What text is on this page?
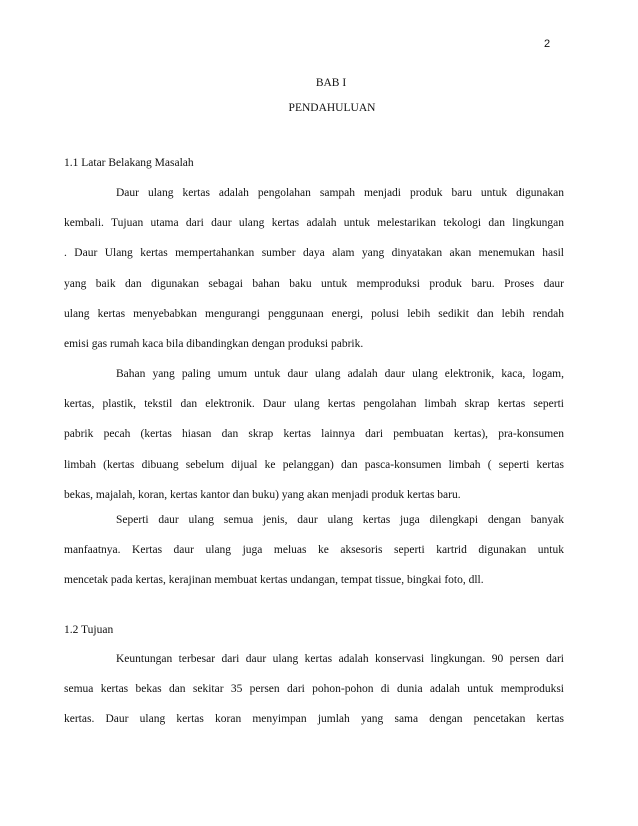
2
BAB I
PENDAHULUAN
1.1 Latar Belakang Masalah
Daur ulang kertas adalah pengolahan sampah menjadi produk baru untuk digunakan
kembali. Tujuan utama dari daur ulang kertas adalah untuk melestarikan tekologi dan lingkungan
. Daur Ulang kertas mempertahankan sumber daya alam yang dinyatakan akan menemukan hasil
yang baik dan digunakan sebagai bahan baku untuk memproduksi produk baru. Proses daur
ulang kertas menyebabkan mengurangi penggunaan energi, polusi lebih sedikit dan lebih rendah
emisi gas rumah kaca bila dibandingkan dengan produksi pabrik.
Bahan yang paling umum untuk daur ulang adalah daur ulang elektronik, kaca, logam,
kertas, plastik, tekstil dan elektronik. Daur ulang kertas pengolahan limbah skrap kertas seperti
pabrik pecah (kertas hiasan dan skrap kertas lainnya dari pembuatan kertas), pra-konsumen
limbah (kertas dibuang sebelum dijual ke pelanggan) dan pasca-konsumen limbah ( seperti kertas
bekas, majalah, koran, kertas kantor dan buku) yang akan menjadi produk kertas baru.
Seperti daur ulang semua jenis, daur ulang kertas juga dilengkapi dengan banyak
manfaatnya. Kertas daur ulang juga meluas ke aksesoris seperti kartrid digunakan untuk
mencetak pada kertas, kerajinan membuat kertas undangan, tempat tissue, bingkai foto, dll.
1.2 Tujuan
Keuntungan terbesar dari daur ulang kertas adalah konservasi lingkungan. 90 persen dari
semua kertas bekas dan sekitar 35 persen dari pohon-pohon di dunia adalah untuk memproduksi
kertas. Daur ulang kertas koran menyimpan jumlah yang sama dengan pencetakan kertas
